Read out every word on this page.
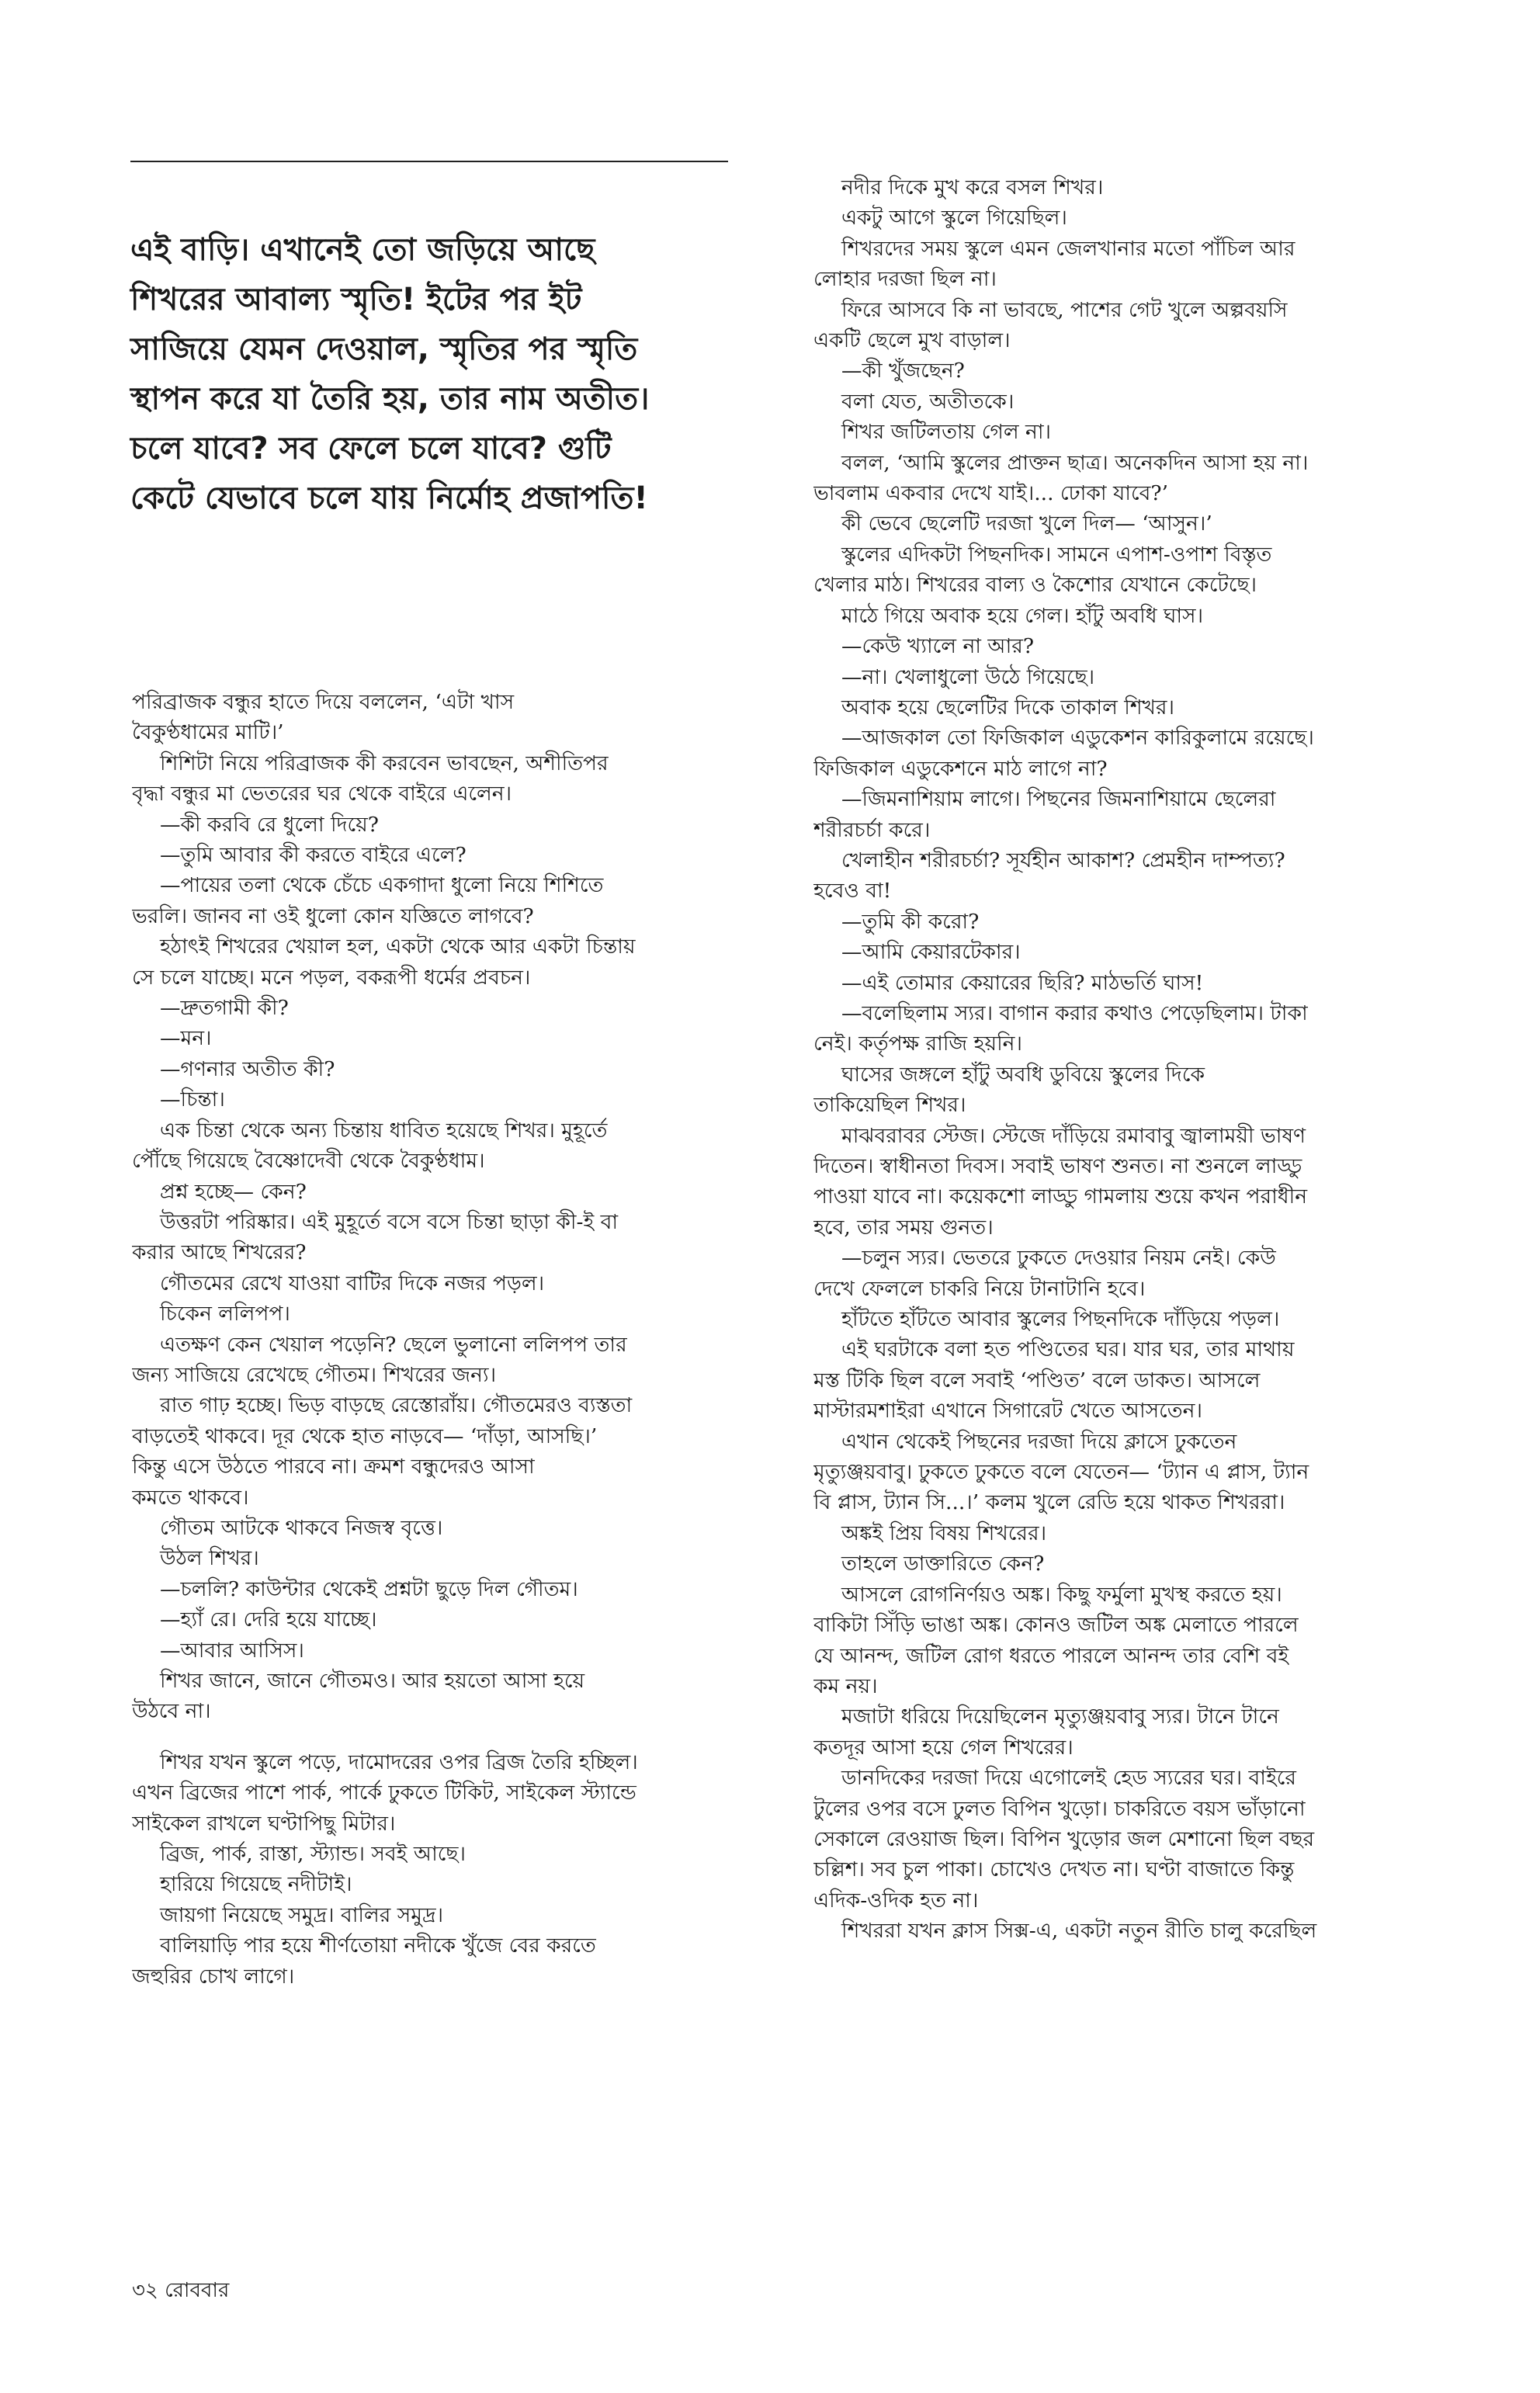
এই বাড়ি। এখানেই তো জড়িয়ে আছে
শিখরের আবাল্য স্মৃতি! ইটের পর ইট
সাজিয়ে যেমন দেওয়াল, স্মৃতির পর স্মৃতি
স্থাপন করে যা তৈরি হয়, তার নাম অতীত।
চলে যাবে? সব ফেলে চলে যাবে? গুটি
কেটে যেভাবে চলে যায় নির্মোহ প্রজাপতি!

পরিব্রাজক বন্ধুর হাতে দিয়ে বললেন, ‘এটা খাস
বৈকুণ্ঠধামের মাটি।’
শিশিটা নিয়ে পরিব্রাজক কী করবেন ভাবছেন, অশীতিপর
বৃদ্ধা বন্ধুর মা ভেতরের ঘর থেকে বাইরে এলেন।
—কী করবি রে ধুলো দিয়ে?
—তুমি আবার কী করতে বাইরে এলে?
—পায়ের তলা থেকে চেঁচে একগাদা ধুলো নিয়ে শিশিতে
ভরলি। জানব না ওই ধুলো কোন যজ্ঞিতে লাগবে?
হঠাৎই শিখরের খেয়াল হল, একটা থেকে আর একটা চিন্তায়
সে চলে যাচ্ছে। মনে পড়ল, বকরূপী ধর্মের প্রবচন।
—দ্রুতগামী কী?
—মন।
—গণনার অতীত কী?
—চিন্তা।
এক চিন্তা থেকে অন্য চিন্তায় ধাবিত হয়েছে শিখর। মুহূর্তে
পৌঁছে গিয়েছে বৈষ্ণোদেবী থেকে বৈকুণ্ঠধাম।
প্রশ্ন হচ্ছে— কেন?
উত্তরটা পরিষ্কার। এই মুহূর্তে বসে বসে চিন্তা ছাড়া কী-ই বা
করার আছে শিখরের?
গৌতমের রেখে যাওয়া বাটির দিকে নজর পড়ল।
চিকেন ললিপপ।
এতক্ষণ কেন খেয়াল পড়েনি? ছেলে ভুলানো ললিপপ তার
জন্য সাজিয়ে রেখেছে গৌতম। শিখরের জন্য।
রাত গাঢ় হচ্ছে। ভিড় বাড়ছে রেস্তোরাঁয়। গৌতমেরও ব্যস্ততা
বাড়তেই থাকবে। দূর থেকে হাত নাড়বে— ‘দাঁড়া, আসছি।’
কিন্তু এসে উঠতে পারবে না। ক্রমশ বন্ধুদেরও আসা
কমতে থাকবে।
গৌতম আটকে থাকবে নিজস্ব বৃত্তে।
উঠল শিখর।
—চললি? কাউন্টার থেকেই প্রশ্নটা ছুড়ে দিল গৌতম।
—হ্যাঁ রে। দেরি হয়ে যাচ্ছে।
—আবার আসিস।
শিখর জানে, জানে গৌতমও। আর হয়তো আসা হয়ে
উঠবে না।
শিখর যখন স্কুলে পড়ে, দামোদরের ওপর ব্রিজ তৈরি হচ্ছিল।
এখন ব্রিজের পাশে পার্ক, পার্কে ঢুকতে টিকিট, সাইকেল স্ট্যান্ডে
সাইকেল রাখলে ঘণ্টাপিছু মিটার।
ব্রিজ, পার্ক, রাস্তা, স্ট্যান্ড। সবই আছে।
হারিয়ে গিয়েছে নদীটাই।
জায়গা নিয়েছে সমুদ্র। বালির সমুদ্র।
বালিয়াড়ি পার হয়ে শীর্ণতোয়া নদীকে খুঁজে বের করতে
জহুরির চোখ লাগে।
নদীর দিকে মুখ করে বসল শিখর।
একটু আগে স্কুলে গিয়েছিল।
শিখরদের সময় স্কুলে এমন জেলখানার মতো পাঁচিল আর
লোহার দরজা ছিল না।
ফিরে আসবে কি না ভাবছে, পাশের গেট খুলে অল্পবয়সি
একটি ছেলে মুখ বাড়াল।
—কী খুঁজছেন?
বলা যেত, অতীতকে।
শিখর জটিলতায় গেল না।
বলল, ‘আমি স্কুলের প্রাক্তন ছাত্র। অনেকদিন আসা হয় না।
ভাবলাম একবার দেখে যাই।... ঢোকা যাবে?’
কী ভেবে ছেলেটি দরজা খুলে দিল— ‘আসুন।’
স্কুলের এদিকটা পিছনদিক। সামনে এপাশ-ওপাশ বিস্তৃত
খেলার মাঠ। শিখরের বাল্য ও কৈশোর যেখানে কেটেছে।
মাঠে গিয়ে অবাক হয়ে গেল। হাঁটু অবধি ঘাস।
—কেউ খ্যালে না আর?
—না। খেলাধুলো উঠে গিয়েছে।
অবাক হয়ে ছেলেটির দিকে তাকাল শিখর।
—আজকাল তো ফিজিকাল এডুকেশন কারিকুলামে রয়েছে।
ফিজিকাল এডুকেশনে মাঠ লাগে না?
—জিমনাশিয়াম লাগে। পিছনের জিমনাশিয়ামে ছেলেরা
শরীরচর্চা করে।
খেলাহীন শরীরচর্চা? সূর্যহীন আকাশ? প্রেমহীন দাম্পত্য?
হবেও বা!
—তুমি কী করো?
—আমি কেয়ারটেকার।
—এই তোমার কেয়ারের ছিরি? মাঠভর্তি ঘাস!
—বলেছিলাম স্যর। বাগান করার কথাও পেড়েছিলাম। টাকা
নেই। কর্তৃপক্ষ রাজি হয়নি।
ঘাসের জঙ্গলে হাঁটু অবধি ডুবিয়ে স্কুলের দিকে
তাকিয়েছিল শিখর।
মাঝবরাবর স্টেজ। স্টেজে দাঁড়িয়ে রমাবাবু জ্বালাময়ী ভাষণ
দিতেন। স্বাধীনতা দিবস। সবাই ভাষণ শুনত। না শুনলে লাড্ডু
পাওয়া যাবে না। কয়েকশো লাড্ডু গামলায় শুয়ে কখন পরাধীন
হবে, তার সময় গুনত।
—চলুন স্যর। ভেতরে ঢুকতে দেওয়ার নিয়ম নেই। কেউ
দেখে ফেললে চাকরি নিয়ে টানাটানি হবে।
হাঁটতে হাঁটতে আবার স্কুলের পিছনদিকে দাঁড়িয়ে পড়ল।
এই ঘরটাকে বলা হত পণ্ডিতের ঘর। যার ঘর, তার মাথায়
মস্ত টিকি ছিল বলে সবাই ‘পণ্ডিত’ বলে ডাকত। আসলে
মাস্টারমশাইরা এখানে সিগারেট খেতে আসতেন।
এখান থেকেই পিছনের দরজা দিয়ে ক্লাসে ঢুকতেন
মৃত্যুঞ্জয়বাবু। ঢুকতে ঢুকতে বলে যেতেন— ‘ট্যান এ প্লাস, ট্যান
বি প্লাস, ট্যান সি...।’ কলম খুলে রেডি হয়ে থাকত শিখররা।
অঙ্কই প্রিয় বিষয় শিখরের।
তাহলে ডাক্তারিতে কেন?
আসলে রোগনির্ণয়ও অঙ্ক। কিছু ফর্মুলা মুখস্থ করতে হয়।
বাকিটা সিঁড়ি ভাঙা অঙ্ক। কোনও জটিল অঙ্ক মেলাতে পারলে
যে আনন্দ, জটিল রোগ ধরতে পারলে আনন্দ তার বেশি বই
কম নয়।
মজাটা ধরিয়ে দিয়েছিলেন মৃত্যুঞ্জয়বাবু স্যর। টানে টানে
কতদূর আসা হয়ে গেল শিখরের।
ডানদিকের দরজা দিয়ে এগোলেই হেড স্যরের ঘর। বাইরে
টুলের ওপর বসে ঢুলত বিপিন খুড়ো। চাকরিতে বয়স ভাঁড়ানো
সেকালে রেওয়াজ ছিল। বিপিন খুড়োর জল মেশানো ছিল বছর
চল্লিশ। সব চুল পাকা। চোখেও দেখত না। ঘণ্টা বাজাতে কিন্তু
এদিক-ওদিক হত না।
শিখররা যখন ক্লাস সিক্স-এ, একটা নতুন রীতি চালু করেছিল
৩২ রোববার
